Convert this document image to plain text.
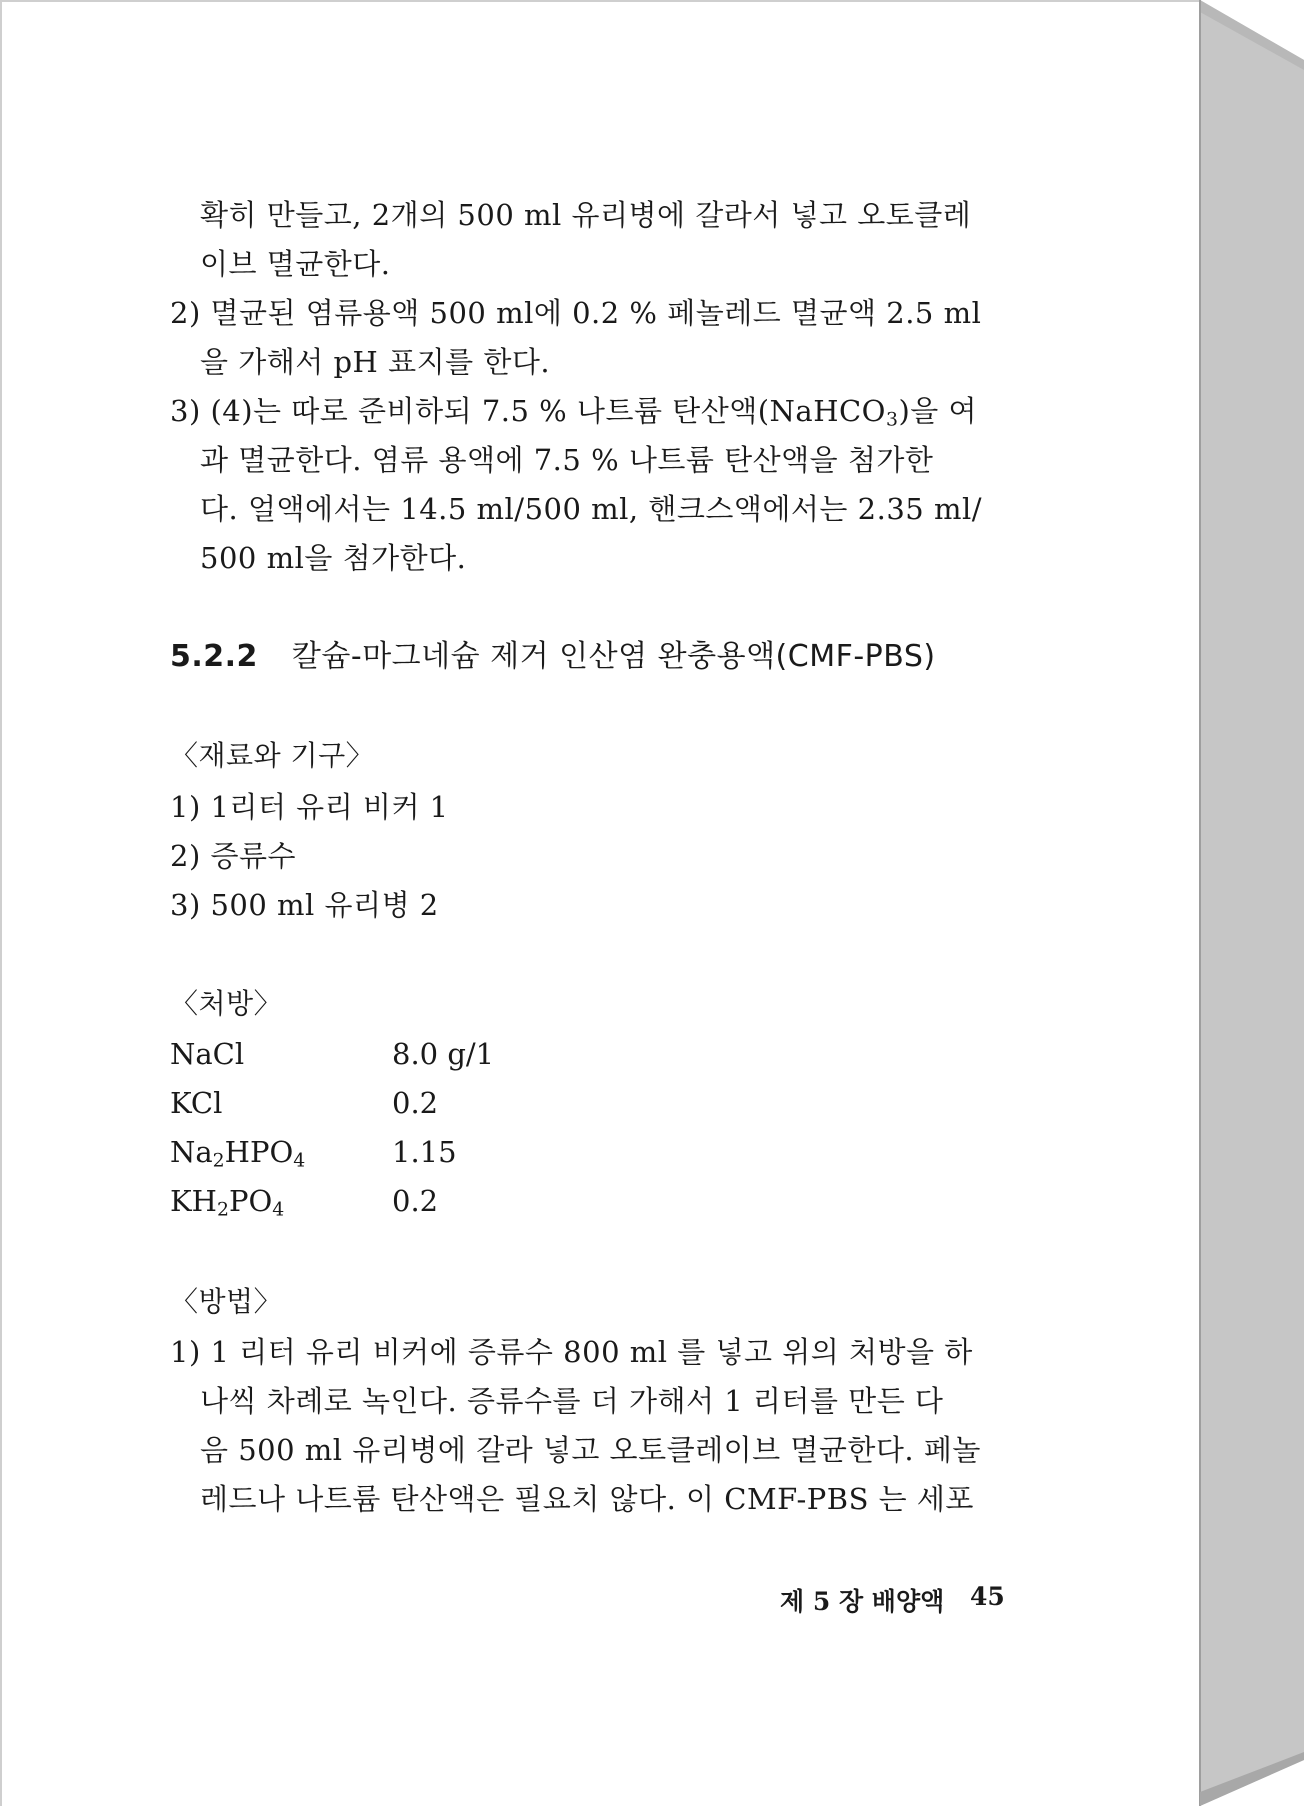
확히 만들고, 2개의 500 ml 유리병에 갈라서 넣고 오토클레
이브 멸균한다.
2) 멸균된 염류용액 500 ml에 0.2 % 페놀레드 멸균액 2.5 ml
을 가해서 pH 표지를 한다.
3) (4)는 따로 준비하되 7.5 % 나트륨 탄산액(NaHCO$_3$)을 여
과 멸균한다. 염류 용액에 7.5 % 나트륨 탄산액을 첨가한
다. 얼액에서는 14.5 ml/500 ml, 핸크스액에서는 2.35 ml/
500 ml을 첨가한다.
5.2.2 칼슘-마그네슘 제거 인산염 완충용액(CMF-PBS)
〈재료와 기구〉
1) 1리터 유리 비커 1
2) 증류수
3) 500 ml 유리병 2
〈처방〉
NaCl	8.0 g/1
KCl	0.2
$Na_2HPO_4$	1.15
$KH_2PO_4$	0.2
〈방법〉
1) 1 리터 유리 비커에 증류수 800 ml 를 넣고 위의 처방을 하
나씩 차례로 녹인다. 증류수를 더 가해서 1 리터를 만든 다
음 500 ml 유리병에 갈라 넣고 오토클레이브 멸균한다. 페놀
레드나 나트륨 탄산액은 필요치 않다. 이 CMF-PBS 는 세포
제 5 장 배양액 45
